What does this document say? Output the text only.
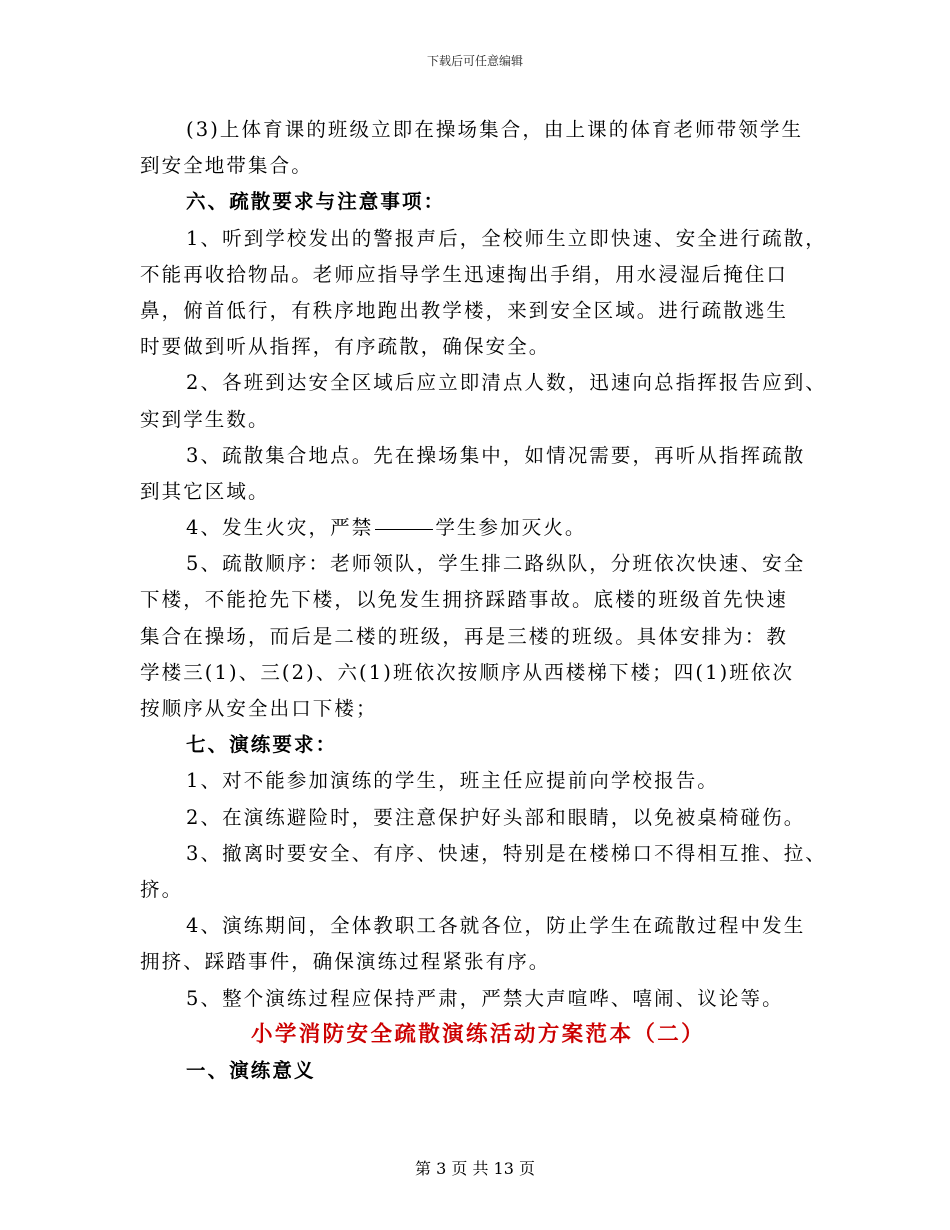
下载后可任意编辑
(3)上体育课的班级立即在操场集合，由上课的体育老师带领学生
到安全地带集合。
六、疏散要求与注意事项：
1、听到学校发出的警报声后，全校师生立即快速、安全进行疏散，
不能再收拾物品。老师应指导学生迅速掏出手绢，用水浸湿后掩住口
鼻，俯首低行，有秩序地跑出教学楼，来到安全区域。进行疏散逃生
时要做到听从指挥，有序疏散，确保安全。
2、各班到达安全区域后应立即清点人数，迅速向总指挥报告应到、
实到学生数。
3、疏散集合地点。先在操场集中，如情况需要，再听从指挥疏散
到其它区域。
4、发生火灾，严禁	学生参加灭火。
5、疏散顺序：老师领队，学生排二路纵队，分班依次快速、安全
下楼，不能抢先下楼，以免发生拥挤踩踏事故。底楼的班级首先快速
集合在操场，而后是二楼的班级，再是三楼的班级。具体安排为：教
学楼三(1)、三(2)、六(1)班依次按顺序从西楼梯下楼；四(1)班依次
按顺序从安全出口下楼；
七、演练要求：
1、对不能参加演练的学生，班主任应提前向学校报告。
2、在演练避险时，要注意保护好头部和眼睛，以免被桌椅碰伤。
3、撤离时要安全、有序、快速，特别是在楼梯口不得相互推、拉、
挤。
4、演练期间，全体教职工各就各位，防止学生在疏散过程中发生
拥挤、踩踏事件，确保演练过程紧张有序。
5、整个演练过程应保持严肃，严禁大声喧哗、嘻闹、议论等。
小学消防安全疏散演练活动方案范本（二）
一、演练意义
第 3 页 共 13 页
